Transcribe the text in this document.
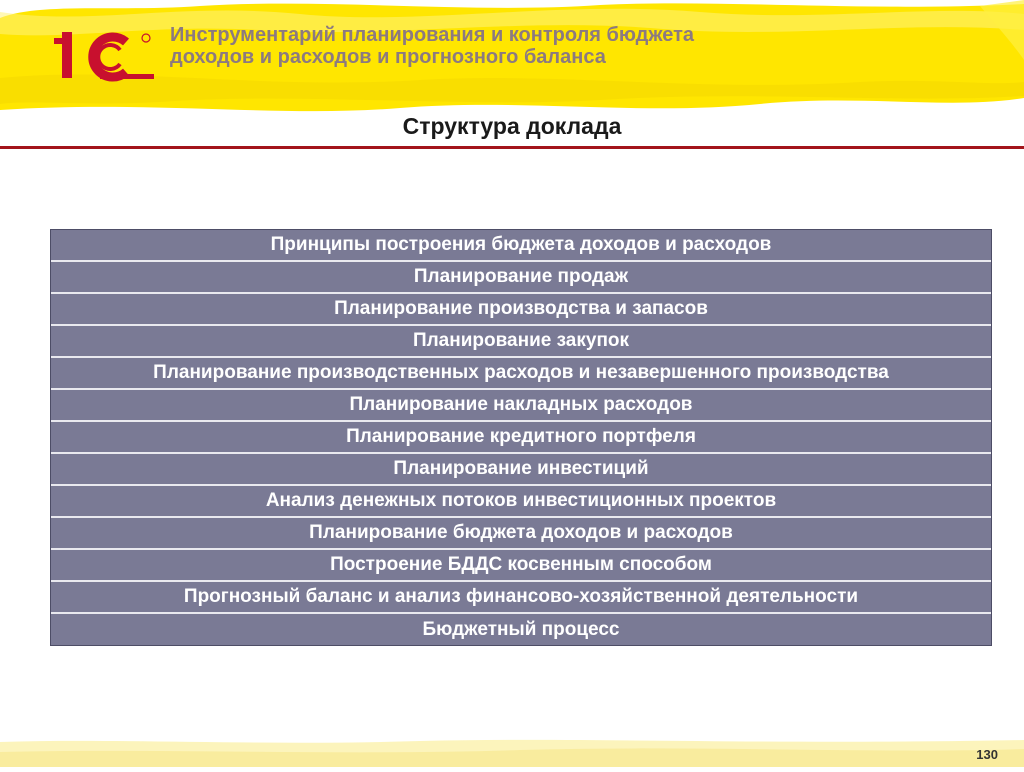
Инструментарий планирования и контроля бюджета доходов и расходов и прогнозного баланса
Структура доклада
Принципы построения бюджета доходов и расходов
Планирование продаж
Планирование производства и запасов
Планирование закупок
Планирование производственных расходов и незавершенного производства
Планирование накладных расходов
Планирование кредитного портфеля
Планирование инвестиций
Анализ денежных потоков инвестиционных проектов
Планирование бюджета доходов и расходов
Построение БДДС косвенным способом
Прогнозный баланс и анализ финансово-хозяйственной деятельности
Бюджетный процесс
130
